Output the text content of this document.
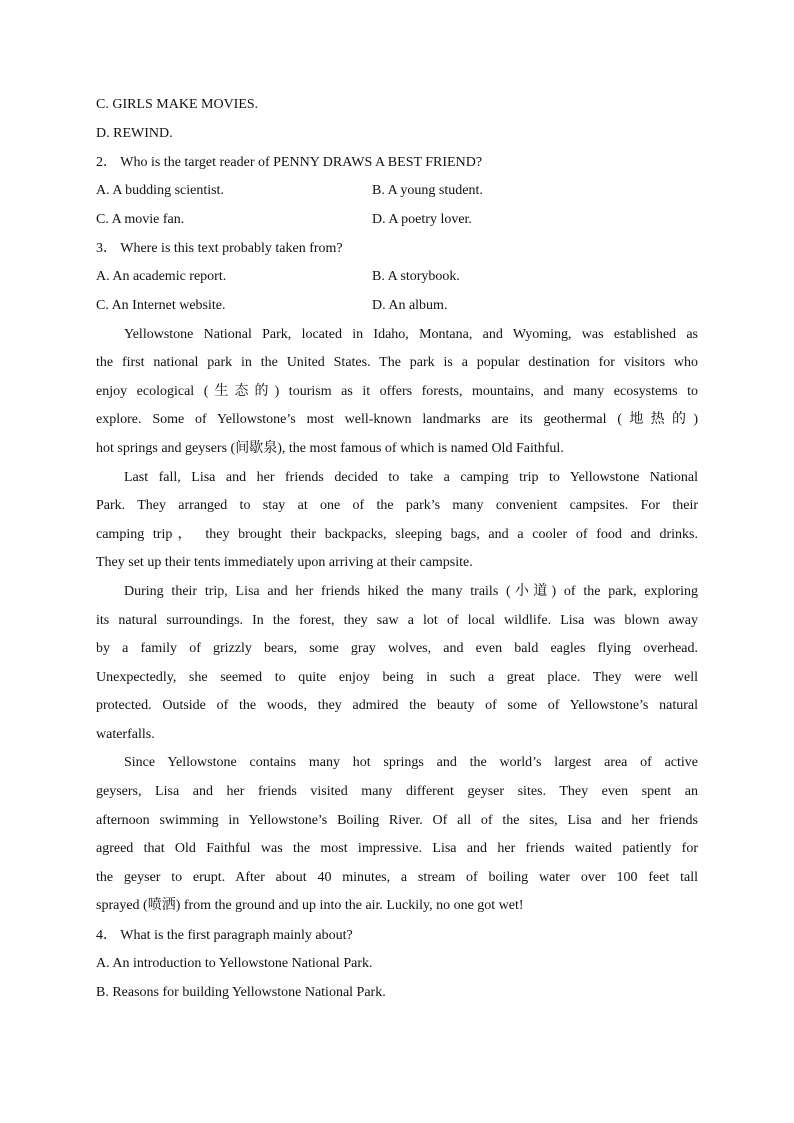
C. GIRLS MAKE MOVIES.
D. REWIND.
2． Who is the target reader of PENNY DRAWS A BEST FRIEND?
A. A budding scientist.	B. A young student.
C. A movie fan.	D. A poetry lover.
3． Where is this text probably taken from?
A. An academic report.	B. A storybook.
C. An Internet website.	D. An album.
Yellowstone National Park, located in Idaho, Montana, and Wyoming, was established as
the first national park in the United States. The park is a popular destination for visitors who
enjoy ecological (生态的) tourism as it offers forests, mountains, and many ecosystems to
explore. Some of Yellowstone’s most well-known landmarks are its geothermal (地热的)
hot springs and geysers (间歇泉), the most famous of which is named Old Faithful.
Last fall, Lisa and her friends decided to take a camping trip to Yellowstone National
Park. They arranged to stay at one of the park’s many convenient campsites. For their
camping trip， they brought their backpacks, sleeping bags, and a cooler of food and drinks.
They set up their tents immediately upon arriving at their campsite.
During their trip, Lisa and her friends hiked the many trails (小道) of the park, exploring
its natural surroundings. In the forest, they saw a lot of local wildlife. Lisa was blown away
by a family of grizzly bears, some gray wolves, and even bald eagles flying overhead.
Unexpectedly, she seemed to quite enjoy being in such a great place. They were well
protected. Outside of the woods, they admired the beauty of some of Yellowstone’s natural
waterfalls.
Since Yellowstone contains many hot springs and the world’s largest area of active
geysers, Lisa and her friends visited many different geyser sites. They even spent an
afternoon swimming in Yellowstone’s Boiling River. Of all of the sites, Lisa and her friends
agreed that Old Faithful was the most impressive. Lisa and her friends waited patiently for
the geyser to erupt. After about 40 minutes, a stream of boiling water over 100 feet tall
sprayed (喷洒) from the ground and up into the air. Luckily, no one got wet!
4． What is the first paragraph mainly about?
A. An introduction to Yellowstone National Park.
B. Reasons for building Yellowstone National Park.
